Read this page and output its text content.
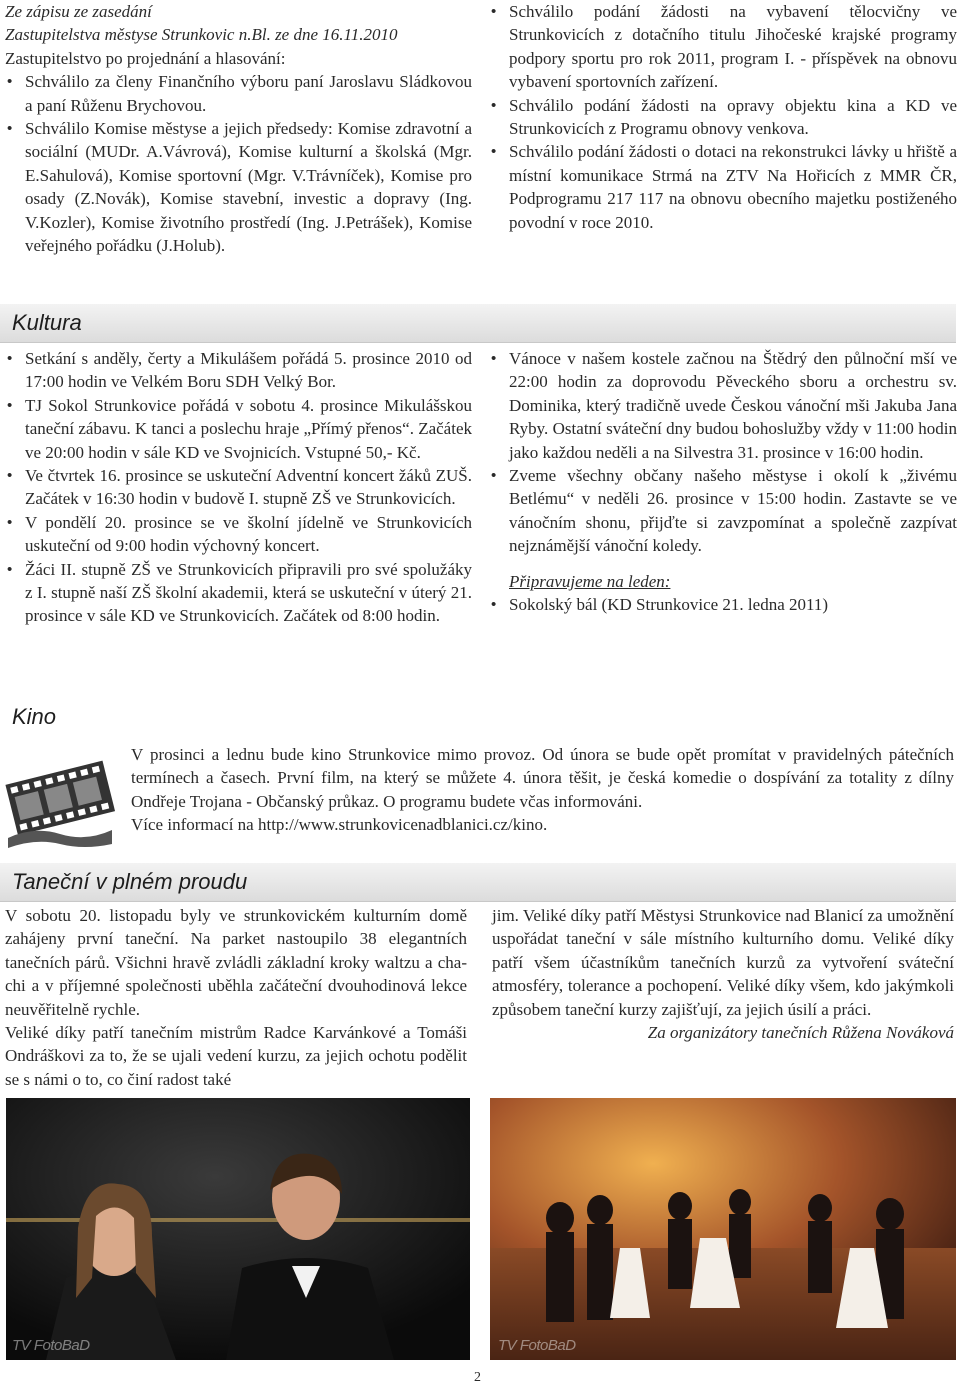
Ze zápisu ze zasedání

Zastupitelstva městyse Strunkovic n.Bl. ze dne 16.11.2010

Zastupitelstvo po projednání a hlasování:

• Schválilo za členy Finančního výboru paní Jaroslavu Sládkovou a paní Růženu Brychovou.
• Schválilo Komise městyse a jejich předsedy: Komise zdravotní a sociální (MUDr. A.Vávrová), Komise kulturní a školská (Mgr. E.Sahulová), Komise sportovní (Mgr. V.Trávníček), Komise pro osady (Z.Novák), Komise stavební, investic a dopravy (Ing. V.Kozler), Komise životního prostředí (Ing. J.Petrášek), Komise veřejného pořádku (J.Holub).
• Schválilo podání žádosti na vybavení tělocvičny ve Strunkovicích z dotačního titulu Jihočeské krajské programy podpory sportu pro rok 2011, program I. - příspěvek na obnovu vybavení sportovních zařízení.
• Schválilo podání žádosti na opravy objektu kina a KD ve Strunkovicích z Programu obnovy venkova.
• Schválilo podání žádosti o dotaci na rekonstrukci lávky u hřiště a místní komunikace Strmá na ZTV Na Hořicích z MMR ČR, Podprogramu 217 117 na obnovu obecního majetku postiženého povodní v roce 2010.
Kultura
• Setkání s anděly, čerty a Mikulášem pořádá 5. prosince 2010 od 17:00 hodin ve Velkém Boru SDH Velký Bor.
• TJ Sokol Strunkovice pořádá v sobotu 4. prosince Mikulášskou taneční zábavu. K tanci a poslechu hraje „Přímý přenos“. Začátek ve 20:00 hodin v sále KD ve Svojnicích. Vstupné 50,- Kč.
• Ve čtvrtek 16. prosince se uskuteční Adventní koncert žáků ZUŠ. Začátek v 16:30 hodin v budově I. stupně ZŠ ve Strunkovicích.
• V pondělí 20. prosince se ve školní jídelně ve Strunkovicích uskuteční od 9:00 hodin výchovný koncert.
• Žáci II. stupně ZŠ ve Strunkovicích připravili pro své spolužáky z I. stupně naší ZŠ školní akademii, která se uskuteční v úterý 21. prosince v sále KD ve Strunkovicích. Začátek od 8:00 hodin.
• Vánoce v našem kostele začnou na Štědrý den půlnoční mší ve 22:00 hodin za doprovodu Pěveckého sboru a orchestru sv. Dominika, který tradičně uvede Českou vánoční mši Jakuba Jana Ryby. Ostatní sváteční dny budou bohoslužby vždy v 11:00 hodin jako každou neděli a na Silvestra 31. prosince v 16:00 hodin.
• Zveme všechny občany našeho městyse i okolí k „živému Betlému“ v neděli 26. prosince v 15:00 hodin. Zastavte se ve vánočním shonu, přijďte si zavzpomínat a společně zazpívat nejznámější vánoční koledy.

Připravujeme na leden:

• Sokolský bál (KD Strunkovice 21. ledna 2011)
Kino

V prosinci a lednu bude kino Strunkovice mimo provoz. Od února se bude opět promítat v pravidelných pátečních termínech a časech. První film, na který se můžete 4. února těšit, je česká komedie o dospívání za totality z dílny Ondřeje Trojana - Občanský průkaz. O programu budete včas informováni.

Více informací na http://www.strunkovicenadblanici.cz/kino.

Taneční v plném proudu

V sobotu 20. listopadu byly ve strunkovickém kulturním domě zahájeny první taneční. Na parket nastoupilo 38 elegantních tanečních párů. Všichni hravě zvládli základní kroky waltzu a cha-chi a v příjemné společnosti uběhla začáteční dvouhodinová lekce neuvěřitelně rychle.

Veliké díky patří tanečním mistrům Radce Karvánkové a Tomáši Ondráškovi za to, že se ujali vedení kurzu, za jejich ochotu podělit se s námi o to, co činí radost také

jim. Veliké díky patří Městysi Strunkovice nad Blanicí za umožnění uspořádat taneční v sále místního kulturního domu. Veliké díky patří všem účastníkům tanečních kurzů za vytvoření sváteční atmosféry, tolerance a pochopení. Veliké díky všem, kdo jakýmkoli způsobem taneční kurzy zajišťují, za jejich úsilí a práci.

Za organizátory tanečních Růžena Nováková

TV FotoBaD	TV FotoBaD
2
